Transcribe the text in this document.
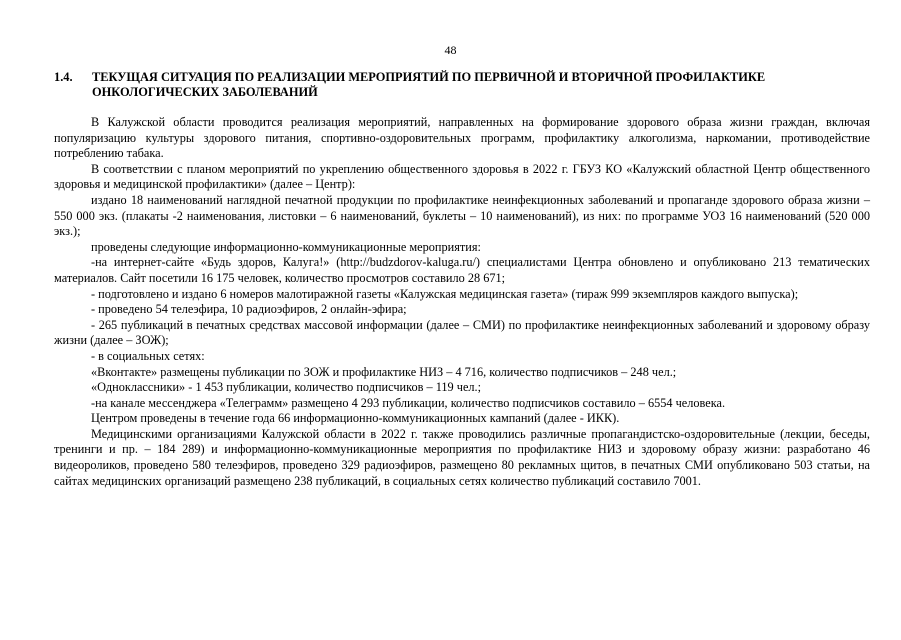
48
1.4.	ТЕКУЩАЯ СИТУАЦИЯ ПО РЕАЛИЗАЦИИ МЕРОПРИЯТИЙ ПО ПЕРВИЧНОЙ И ВТОРИЧНОЙ ПРОФИЛАКТИКЕ ОНКОЛОГИЧЕСКИХ ЗАБОЛЕВАНИЙ

В Калужской области проводится реализация мероприятий, направленных на формирование здорового образа жизни граждан, включая популяризацию культуры здорового питания, спортивно-оздоровительных программ, профилактику алкоголизма, наркомании, противодействие потреблению табака.

В соответствии с планом мероприятий по укреплению общественного здоровья в 2022 г. ГБУЗ КО «Калужский областной Центр общественного здоровья и медицинской профилактики» (далее – Центр):

издано 18 наименований наглядной печатной продукции по профилактике неинфекционных заболеваний и пропаганде здорового образа жизни – 550 000 экз. (плакаты -2 наименования, листовки – 6 наименований, буклеты – 10 наименований), из них: по программе УОЗ 16 наименований (520 000 экз.);

проведены следующие информационно-коммуникационные мероприятия:

-на интернет-сайте «Будь здоров, Калуга!» (http://budzdorov-kaluga.ru/) специалистами Центра обновлено и опубликовано 213 тематических материалов. Сайт посетили 16 175 человек, количество просмотров составило 28 671;

- подготовлено и издано 6 номеров малотиражной газеты «Калужская медицинская газета» (тираж 999 экземпляров каждого выпуска);

- проведено 54 телеэфира, 10 радиоэфиров, 2 онлайн-эфира;

- 265 публикаций в печатных средствах массовой информации (далее – СМИ) по профилактике неинфекционных заболеваний и здоровому образу жизни (далее – ЗОЖ);

- в социальных сетях:

«Вконтакте» размещены публикации по ЗОЖ и профилактике НИЗ – 4 716, количество подписчиков – 248 чел.;

«Одноклассники» - 1 453 публикации, количество подписчиков – 119 чел.;

-на канале мессенджера «Телеграмм» размещено 4 293 публикации, количество подписчиков составило – 6554 человека.

Центром проведены в течение года 66 информационно-коммуникационных кампаний (далее - ИКК).

Медицинскими организациями Калужской области в 2022 г. также проводились различные пропагандистско-оздоровительные (лекции, беседы, тренинги и пр. – 184 289) и информационно-коммуникационные мероприятия по профилактике НИЗ и здоровому образу жизни: разработано 46 видеороликов, проведено 580 телеэфиров, проведено 329 радиоэфиров, размещено 80 рекламных щитов, в печатных СМИ опубликовано 503 статьи, на сайтах медицинских организаций размещено 238 публикаций, в социальных сетях количество публикаций составило 7001.
